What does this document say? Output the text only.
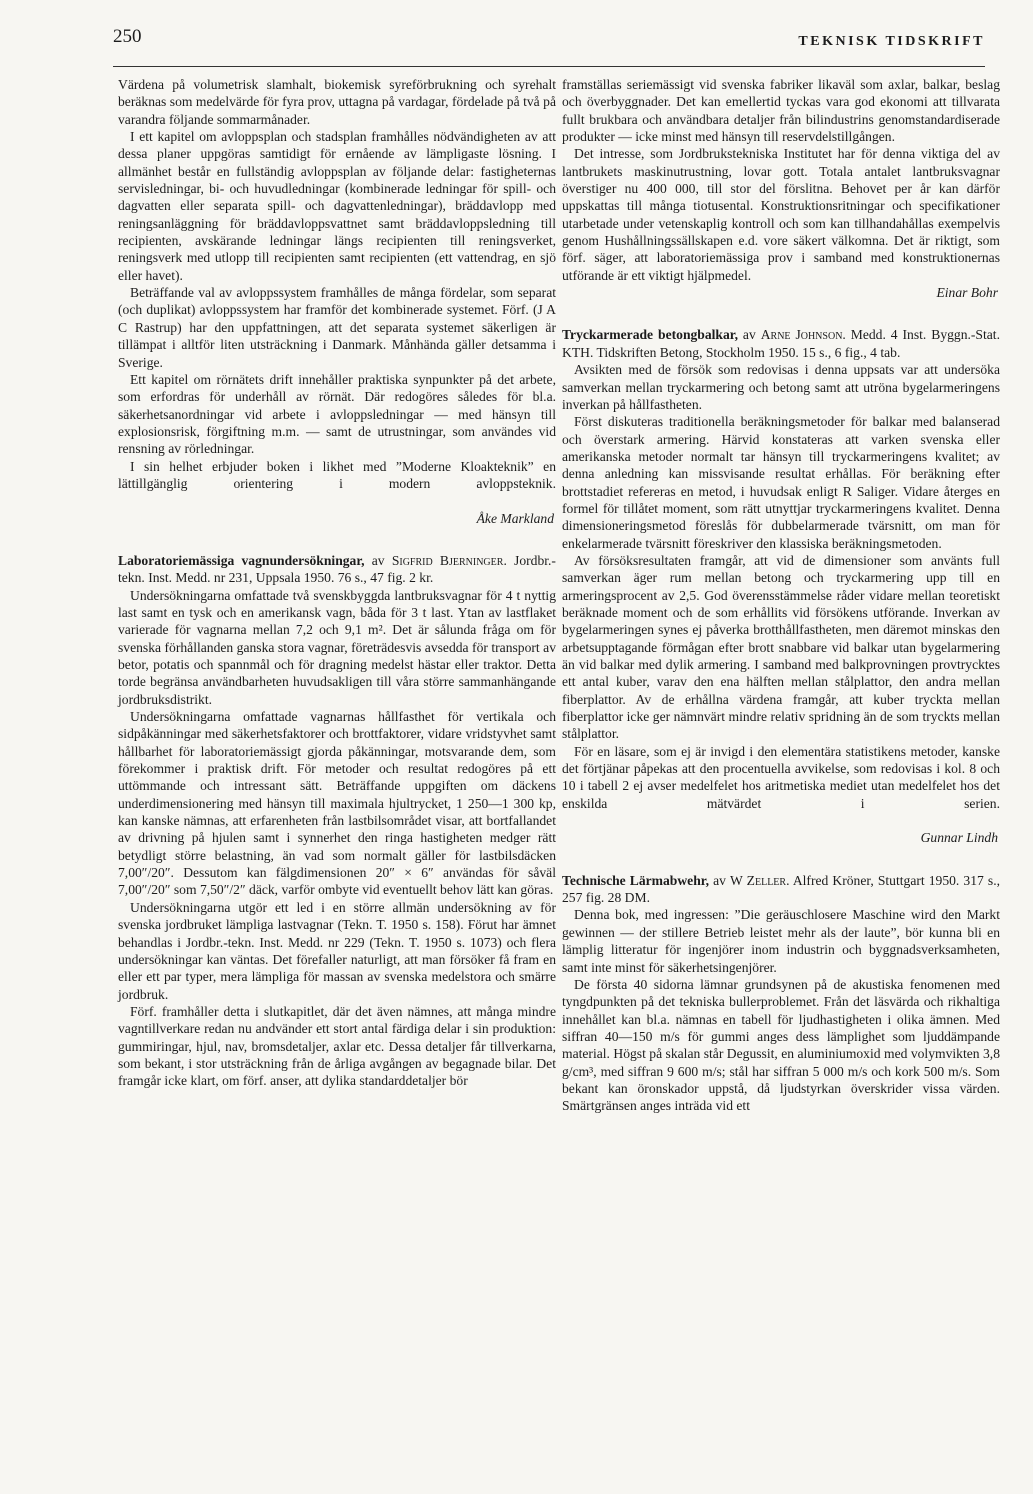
250	TEKNISK TIDSKRIFT

Värdena på volumetrisk slamhalt, biokemisk syreförbrukning och syrehalt beräknas som medelvärde för fyra prov, uttagna på vardagar, fördelade på två på varandra följande sommarmånader.

I ett kapitel om avloppsplan och stadsplan framhålles nödvändigheten av att dessa planer uppgöras samtidigt för ernående av lämpligaste lösning. I allmänhet består en fullständig avloppsplan av följande delar: fastigheternas servisledningar, bi- och huvudledningar (kombinerade ledningar för spill- och dagvatten eller separata spill- och dagvattenledningar), bräddavlopp med reningsanläggning för bräddavloppsvattnet samt bräddavloppsledning till recipienten, avskärande ledningar längs recipienten till reningsverket, reningsverk med utlopp till recipienten samt recipienten (ett vattendrag, en sjö eller havet).

Beträffande val av avloppssystem framhålles de många fördelar, som separat (och duplikat) avloppssystem har framför det kombinerade systemet. Förf. (J A C Rastrup) har den uppfattningen, att det separata systemet säkerligen är tillämpat i alltför liten utsträckning i Danmark. Månhända gäller detsamma i Sverige.

Ett kapitel om rörnätets drift innehåller praktiska synpunkter på det arbete, som erfordras för underhåll av rörnät. Där redogöres således för bl.a. säkerhetsanordningar vid arbete i avloppsledningar — med hänsyn till explosionsrisk, förgiftning m.m. — samt de utrustningar, som användes vid rensning av rörledningar.

I sin helhet erbjuder boken i likhet med ”Moderne Kloakteknik” en lättillgänglig orientering i modern avloppsteknik.

Åke Markland

Laboratoriemässiga vagnundersökningar, av Sigfrid Bjerninger. Jordbr.-tekn. Inst. Medd. nr 231, Uppsala 1950. 76 s., 47 fig. 2 kr.

Undersökningarna omfattade två svenskbyggda lantbruksvagnar för 4 t nyttig last samt en tysk och en amerikansk vagn, båda för 3 t last. Ytan av lastflaket varierade för vagnarna mellan 7,2 och 9,1 m². Det är sålunda fråga om för svenska förhållanden ganska stora vagnar, företrädesvis avsedda för transport av betor, potatis och spannmål och för dragning medelst hästar eller traktor. Detta torde begränsa användbarheten huvudsakligen till våra större sammanhängande jordbruksdistrikt.

Undersökningarna omfattade vagnarnas hållfasthet för vertikala och sidpåkänningar med säkerhetsfaktorer och brottfaktorer, vidare vridstyvhet samt hållbarhet för laboratoriemässigt gjorda påkänningar, motsvarande dem, som förekommer i praktisk drift. För metoder och resultat redogöres på ett uttömmande och intressant sätt. Beträffande uppgiften om däckens underdimensionering med hänsyn till maximala hjultrycket, 1 250—1 300 kp, kan kanske nämnas, att erfarenheten från lastbilsområdet visar, att bortfallandet av drivning på hjulen samt i synnerhet den ringa hastigheten medger rätt betydligt större belastning, än vad som normalt gäller för lastbilsdäcken 7,00″/20″. Dessutom kan fälgdimensionen 20″ × 6″ användas för såväl 7,00″/20″ som 7,50″/2″ däck, varför ombyte vid eventuellt behov lätt kan göras.

Undersökningarna utgör ett led i en större allmän undersökning av för svenska jordbruket lämpliga lastvagnar (Tekn. T. 1950 s. 158). Förut har ämnet behandlas i Jordbr.-tekn. Inst. Medd. nr 229 (Tekn. T. 1950 s. 1073) och flera undersökningar kan väntas. Det förefaller naturligt, att man försöker få fram en eller ett par typer, mera lämpliga för massan av svenska medelstora och smärre jordbruk.

Förf. framhåller detta i slutkapitlet, där det även nämnes, att många mindre vagntillverkare redan nu andvänder ett stort antal färdiga delar i sin produktion: gummiringar, hjul, nav, bromsdetaljer, axlar etc. Dessa detaljer får tillverkarna, som bekant, i stor utsträckning från de årliga avgången av begagnade bilar. Det framgår icke klart, om förf. anser, att dylika standarddetaljer bör

framställas seriemässigt vid svenska fabriker likaväl som axlar, balkar, beslag och överbyggnader. Det kan emellertid tyckas vara god ekonomi att tillvarata fullt brukbara och användbara detaljer från bilindustrins genomstandardiserade produkter — icke minst med hänsyn till reservdelstillgången.

Det intresse, som Jordbrukstekniska Institutet har för denna viktiga del av lantbrukets maskinutrustning, lovar gott. Totala antalet lantbruksvagnar överstiger nu 400 000, till stor del förslitna. Behovet per år kan därför uppskattas till många tiotusental. Konstruktionsritningar och specifikationer utarbetade under vetenskaplig kontroll och som kan tillhandahållas exempelvis genom Hushållningssällskapen e.d. vore säkert välkomna. Det är riktigt, som förf. säger, att laboratoriemässiga prov i samband med konstruktionernas utförande är ett viktigt hjälpmedel.

Einar Bohr

Tryckarmerade betongbalkar, av Arne Johnson. Medd. 4 Inst. Byggn.-Stat. KTH. Tidskriften Betong, Stockholm 1950. 15 s., 6 fig., 4 tab.

Avsikten med de försök som redovisas i denna uppsats var att undersöka samverkan mellan tryckarmering och betong samt att utröna bygelarmeringens inverkan på hållfastheten.

Först diskuteras traditionella beräkningsmetoder för balkar med balanserad och överstark armering. Härvid konstateras att varken svenska eller amerikanska metoder normalt tar hänsyn till tryckarmeringens kvalitet; av denna anledning kan missvisande resultat erhållas. För beräkning efter brottstadiet refereras en metod, i huvudsak enligt R Saliger. Vidare återges en formel för tillåtet moment, som rätt utnyttjar tryckarmeringens kvalitet. Denna dimensioneringsmetod föreslås för dubbelarmerade tvärsnitt, om man för enkelarmerade tvärsnitt föreskriver den klassiska beräkningsmetoden.

Av försöksresultaten framgår, att vid de dimensioner som använts full samverkan äger rum mellan betong och tryckarmering upp till en armeringsprocent av 2,5. God överensstämmelse råder vidare mellan teoretiskt beräknade moment och de som erhållits vid försökens utförande. Inverkan av bygelarmeringen synes ej påverka brotthållfastheten, men däremot minskas den arbetsupptagande förmågan efter brott snabbare vid balkar utan bygelarmering än vid balkar med dylik armering. I samband med balkprovningen provtrycktes ett antal kuber, varav den ena hälften mellan stålplattor, den andra mellan fiberplattor. Av de erhållna värdena framgår, att kuber tryckta mellan fiberplattor icke ger nämnvärt mindre relativ spridning än de som tryckts mellan stålplattor.

För en läsare, som ej är invigd i den elementära statistikens metoder, kanske det förtjänar påpekas att den procentuella avvikelse, som redovisas i kol. 8 och 10 i tabell 2 ej avser medelfelet hos aritmetiska mediet utan medelfelet hos det enskilda mätvärdet i serien.

Gunnar Lindh

Technische Lärmabwehr, av W Zeller. Alfred Kröner, Stuttgart 1950. 317 s., 257 fig. 28 DM.

Denna bok, med ingressen: ”Die geräuschlosere Maschine wird den Markt gewinnen — der stillere Betrieb leistet mehr als der laute”, bör kunna bli en lämplig litteratur för ingenjörer inom industrin och byggnadsverksamheten, samt inte minst för säkerhetsingenjörer.

De första 40 sidorna lämnar grundsynen på de akustiska fenomenen med tyngdpunkten på det tekniska bullerproblemet. Från det läsvärda och rikhaltiga innehållet kan bl.a. nämnas en tabell för ljudhastigheten i olika ämnen. Med siffran 40—150 m/s för gummi anges dess lämplighet som ljuddämpande material. Högst på skalan står Degussit, en aluminiumoxid med volymvikten 3,8 g/cm³, med siffran 9 600 m/s; stål har siffran 5 000 m/s och kork 500 m/s. Som bekant kan öronskador uppstå, då ljudstyrkan överskrider vissa värden. Smärtgränsen anges inträda vid ett
